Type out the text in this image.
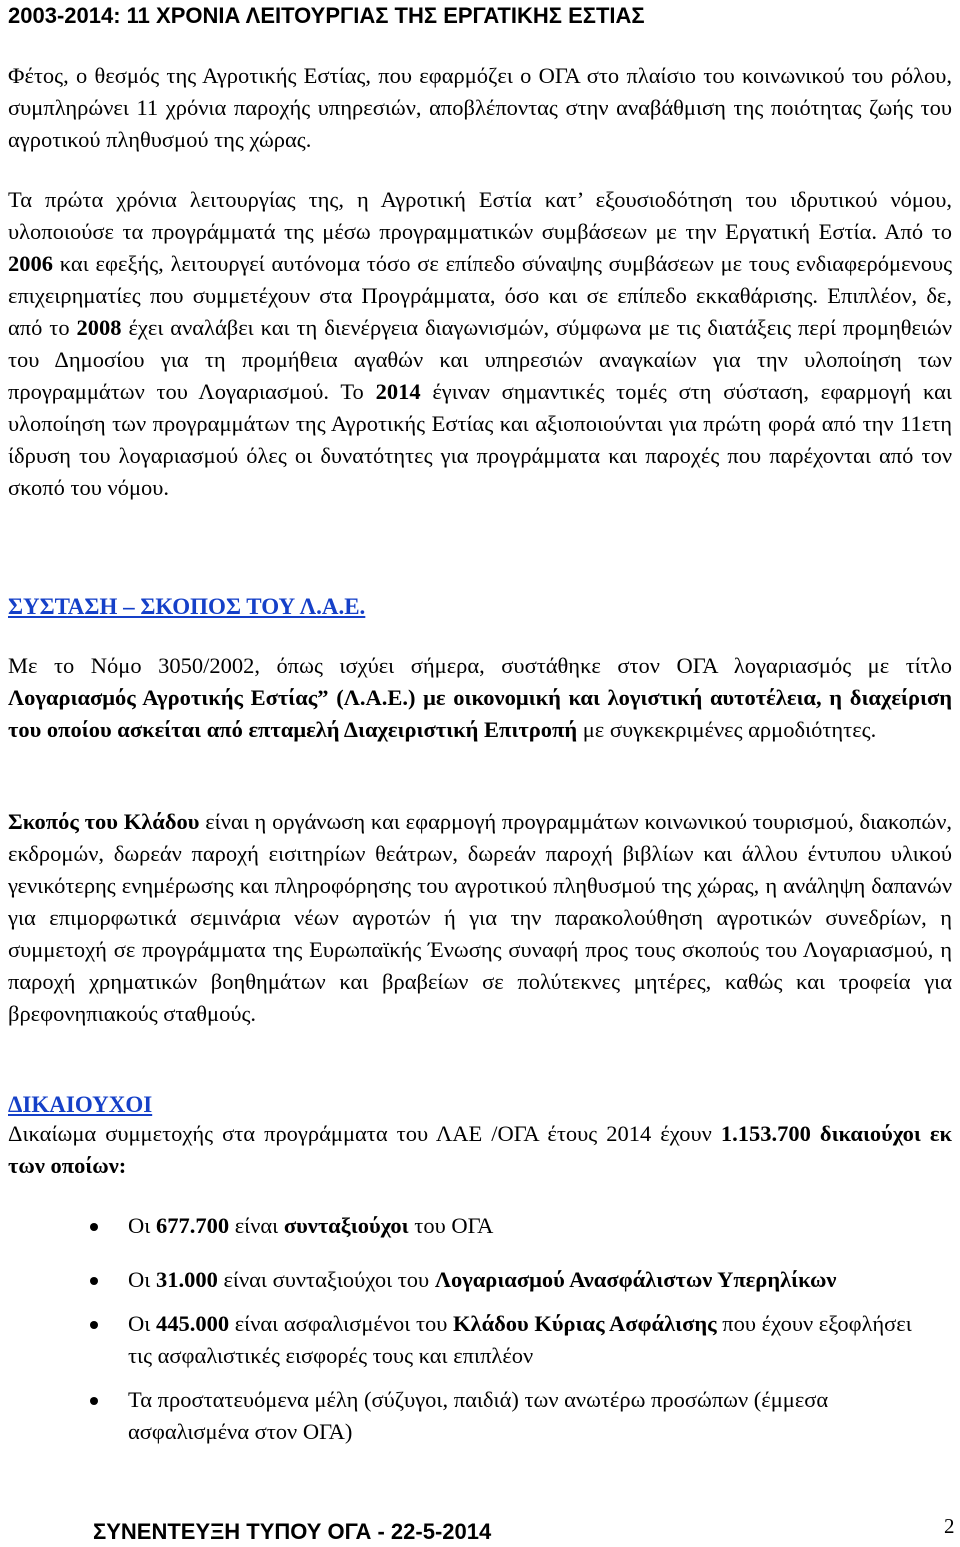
2003-2014: 11 ΧΡΟΝΙΑ ΛΕΙΤΟΥΡΓΙΑΣ ΤΗΣ ΕΡΓΑΤΙΚΗΣ ΕΣΤΙΑΣ

Φέτος, ο θεσμός της Αγροτικής Εστίας, που εφαρμόζει ο ΟΓΑ στο πλαίσιο του κοινωνικού του ρόλου, συμπληρώνει 11 χρόνια παροχής υπηρεσιών, αποβλέποντας στην αναβάθμιση της ποιότητας ζωής του αγροτικού πληθυσμού της χώρας.

Τα πρώτα χρόνια λειτουργίας της, η Αγροτική Εστία κατ’ εξουσιοδότηση του ιδρυτικού νόμου, υλοποιούσε τα προγράμματά της μέσω προγραμματικών συμβάσεων με την Εργατική Εστία. Από το 2006 και εφεξής, λειτουργεί αυτόνομα τόσο σε επίπεδο σύναψης συμβάσεων με τους ενδιαφερόμενους επιχειρηματίες που συμμετέχουν στα Προγράμματα, όσο και σε επίπεδο εκκαθάρισης. Επιπλέον, δε, από το 2008 έχει αναλάβει και τη διενέργεια διαγωνισμών, σύμφωνα με τις διατάξεις περί προμηθειών του Δημοσίου για τη προμήθεια αγαθών και υπηρεσιών αναγκαίων για την υλοποίηση των προγραμμάτων του Λογαριασμού. Το 2014 έγιναν σημαντικές τομές στη σύσταση, εφαρμογή και υλοποίηση των προγραμμάτων της Αγροτικής Εστίας και αξιοποιούνται για πρώτη φορά από την 11ετη ίδρυση του λογαριασμού όλες οι δυνατότητες για προγράμματα και παροχές που παρέχονται από τον σκοπό του νόμου.

ΣΥΣΤΑΣΗ – ΣΚΟΠΟΣ ΤΟΥ Λ.Α.Ε.

Με το Νόμο 3050/2002, όπως ισχύει σήμερα, συστάθηκε στον ΟΓΑ λογαριασμός με τίτλο Λογαριασμός Αγροτικής Εστίας” (Λ.Α.Ε.) με οικονομική και λογιστική αυτοτέλεια, η διαχείριση του οποίου ασκείται από επταμελή Διαχειριστική Επιτροπή με συγκεκριμένες αρμοδιότητες.

Σκοπός του Κλάδου είναι η οργάνωση και εφαρμογή προγραμμάτων κοινωνικού τουρισμού, διακοπών, εκδρομών, δωρεάν παροχή εισιτηρίων θεάτρων, δωρεάν παροχή βιβλίων και άλλου έντυπου υλικού γενικότερης ενημέρωσης και πληροφόρησης του αγροτικού πληθυσμού της χώρας, η ανάληψη δαπανών για επιμορφωτικά σεμινάρια νέων αγροτών ή για την παρακολούθηση αγροτικών συνεδρίων, η συμμετοχή σε προγράμματα της Ευρωπαϊκής Ένωσης συναφή προς τους σκοπούς του Λογαριασμού, η παροχή χρηματικών βοηθημάτων και βραβείων σε πολύτεκνες μητέρες, καθώς και τροφεία για βρεφονηπιακούς σταθμούς.

ΔΙΚΑΙΟΥΧΟΙ

Δικαίωμα συμμετοχής στα προγράμματα του ΛΑΕ /ΟΓΑ έτους 2014 έχουν 1.153.700 δικαιούχοι εκ των οποίων:

Οι 677.700 είναι συνταξιούχοι του ΟΓΑ
Οι 31.000 είναι συνταξιούχοι του Λογαριασμού Ανασφάλιστων Υπερηλίκων
Οι 445.000 είναι ασφαλισμένοι του Κλάδου Κύριας Ασφάλισης που έχουν εξοφλήσει τις ασφαλιστικές εισφορές τους και επιπλέον
Τα προστατευόμενα μέλη (σύζυγοι, παιδιά) των ανωτέρω προσώπων (έμμεσα ασφαλισμένα στον ΟΓΑ)
ΣΥΝΕΝΤΕΥΞΗ ΤΥΠΟΥ ΟΓΑ - 22-5-2014	2
